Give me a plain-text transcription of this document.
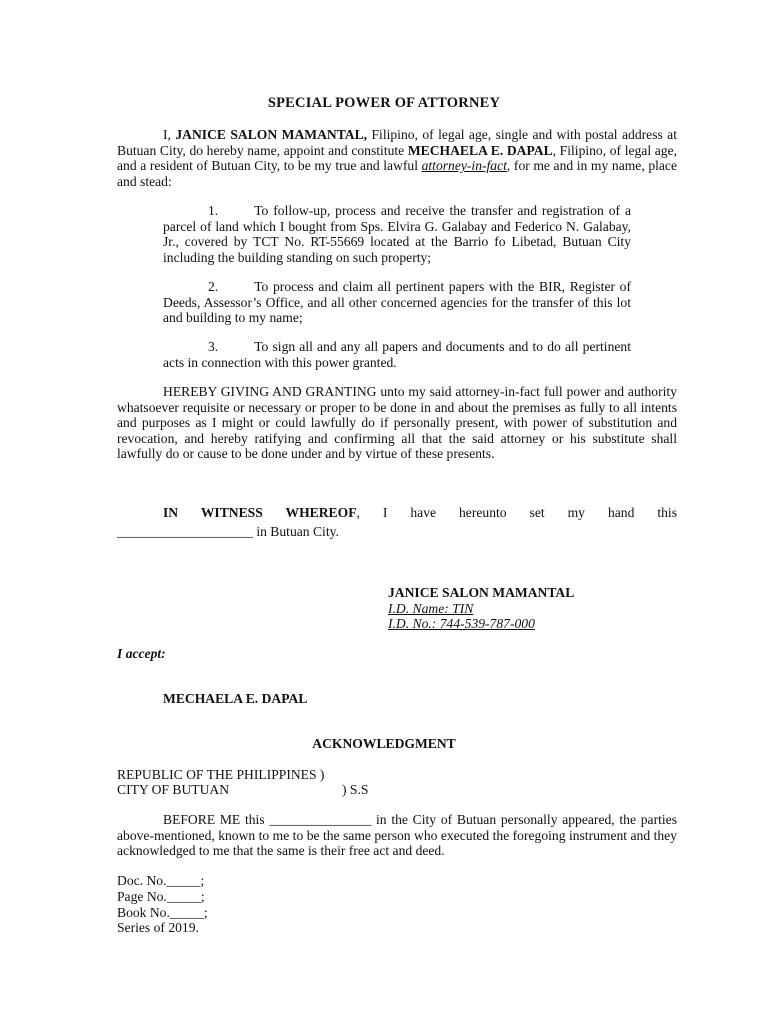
SPECIAL POWER OF ATTORNEY
I, JANICE SALON MAMANTAL, Filipino, of legal age, single and with postal address at Butuan City, do hereby name, appoint and constitute MECHAELA E. DAPAL, Filipino, of legal age, and a resident of Butuan City, to be my true and lawful attorney-in-fact, for me and in my name, place and stead:
1.	To follow-up, process and receive the transfer and registration of a parcel of land which I bought from Sps. Elvira G. Galabay and Federico N. Galabay, Jr., covered by TCT No. RT-55669 located at the Barrio fo Libetad, Butuan City including the building standing on such property;
2.	To process and claim all pertinent papers with the BIR, Register of Deeds, Assessor’s Office, and all other concerned agencies for the transfer of this lot and building to my name;
3.	To sign all and any all papers and documents and to do all pertinent acts in connection with this power granted.
HEREBY GIVING AND GRANTING unto my said attorney-in-fact full power and authority whatsoever requisite or necessary or proper to be done in and about the premises as fully to all intents and purposes as I might or could lawfully do if personally present, with power of substitution and revocation, and hereby ratifying and confirming all that the said attorney or his substitute shall lawfully do or cause to be done under and by virtue of these presents.
IN WITNESS WHEREOF, I have hereunto set my hand this
____________________ in Butuan City.
JANICE SALON MAMANTAL
I.D. Name: TIN
I.D. No.: 744-539-787-000
I accept:
MECHAELA E. DAPAL
ACKNOWLEDGMENT
REPUBLIC OF THE PHILIPPINES )
CITY OF BUTUAN	) S.S
BEFORE ME this _______________ in the City of Butuan personally appeared, the parties above-mentioned, known to me to be the same person who executed the foregoing instrument and they acknowledged to me that the same is their free act and deed.
Doc. No._____;
Page No._____;
Book No._____;
Series of 2019.
